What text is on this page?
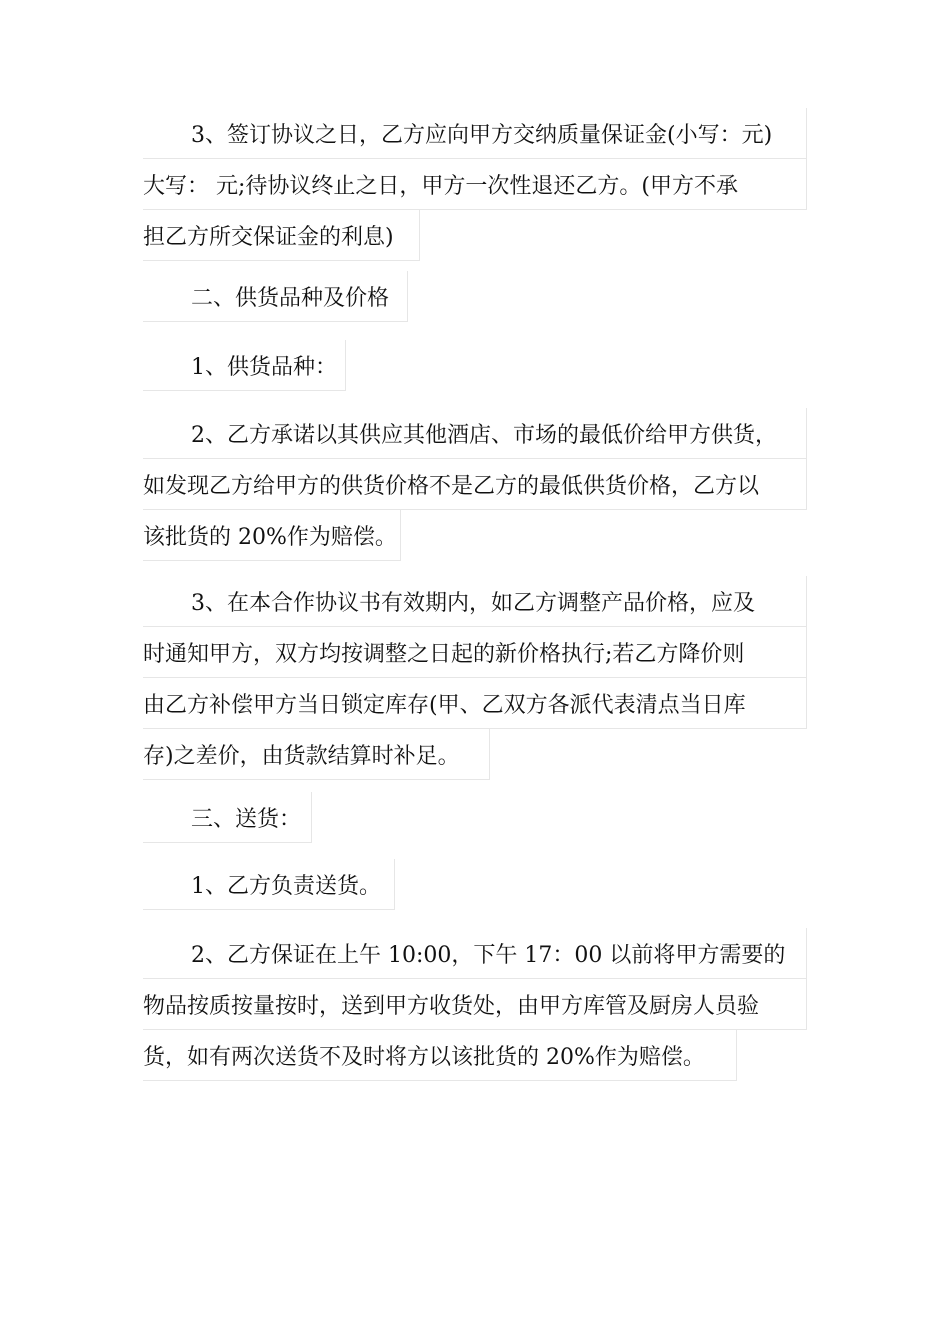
3、签订协议之日，乙方应向甲方交纳质量保证金(小写：元)
大写： 元;待协议终止之日，甲方一次性退还乙方。(甲方不承
担乙方所交保证金的利息)
二、供货品种及价格
1、供货品种：
2、乙方承诺以其供应其他酒店、市场的最低价给甲方供货，
如发现乙方给甲方的供货价格不是乙方的最低供货价格，乙方以
该批货的 20%作为赔偿。
3、在本合作协议书有效期内，如乙方调整产品价格，应及
时通知甲方，双方均按调整之日起的新价格执行;若乙方降价则
由乙方补偿甲方当日锁定库存(甲、乙双方各派代表清点当日库
存)之差价，由货款结算时补足。
三、送货：
1、乙方负责送货。
2、乙方保证在上午 10:00，下午 17：00 以前将甲方需要的
物品按质按量按时，送到甲方收货处，由甲方库管及厨房人员验
货，如有两次送货不及时将方以该批货的 20%作为赔偿。
